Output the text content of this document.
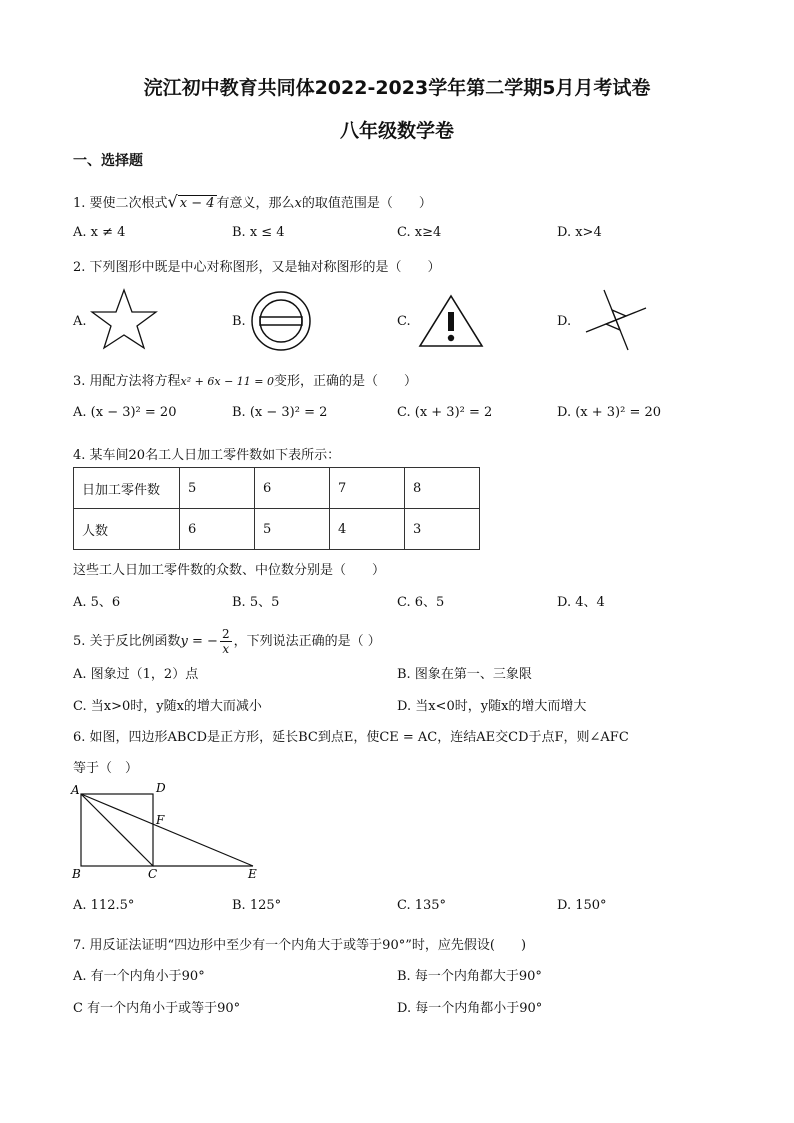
浣江初中教育共同体2022-2023学年第二学期5月月考试卷
八年级数学卷
一、选择题
1. 要使二次根式√ x − 4 有意义，那么x的取值范围是（　　）
A. x ≠ 4	B. x ≤ 4	C. x≥4	D. x>4
2. 下列图形中既是中心对称图形，又是轴对称图形的是（　　）
A.	B.	C.	D.
3. 用配方法将方程x² + 6x − 11 = 0变形，正确的是（　　）
A. (x − 3)² = 20	B. (x − 3)² = 2	C. (x + 3)² = 2	D. (x + 3)² = 20
4. 某车间20名工人日加工零件数如下表所示：
日加工零件数	5	6	7	8
人数	6	5	4	3
这些工人日加工零件数的众数、中位数分别是（　　）
A. 5、6	B. 5、5	C. 6、5	D. 4、4
5. 关于反比例函数y = − $\frac{2}{x}$ ，下列说法正确的是（ ）
A. 图象过（1，2）点	B. 图象在第一、三象限
C. 当x>0时，y随x的增大而减小	D. 当x<0时，y随x的增大而增大
6. 如图，四边形ABCD是正方形，延长BC到点E，使CE = AC，连结AE交CD于点F，则∠AFC
等于（　）
A	D
F
B	C	E
A. 112.5°	B. 125°	C. 135°	D. 150°
7. 用反证法证明“四边形中至少有一个内角大于或等于90°”时，应先假设(　　)
A. 有一个内角小于90°	B. 每一个内角都大于90°
C 有一个内角小于或等于90°	D. 每一个内角都小于90°
